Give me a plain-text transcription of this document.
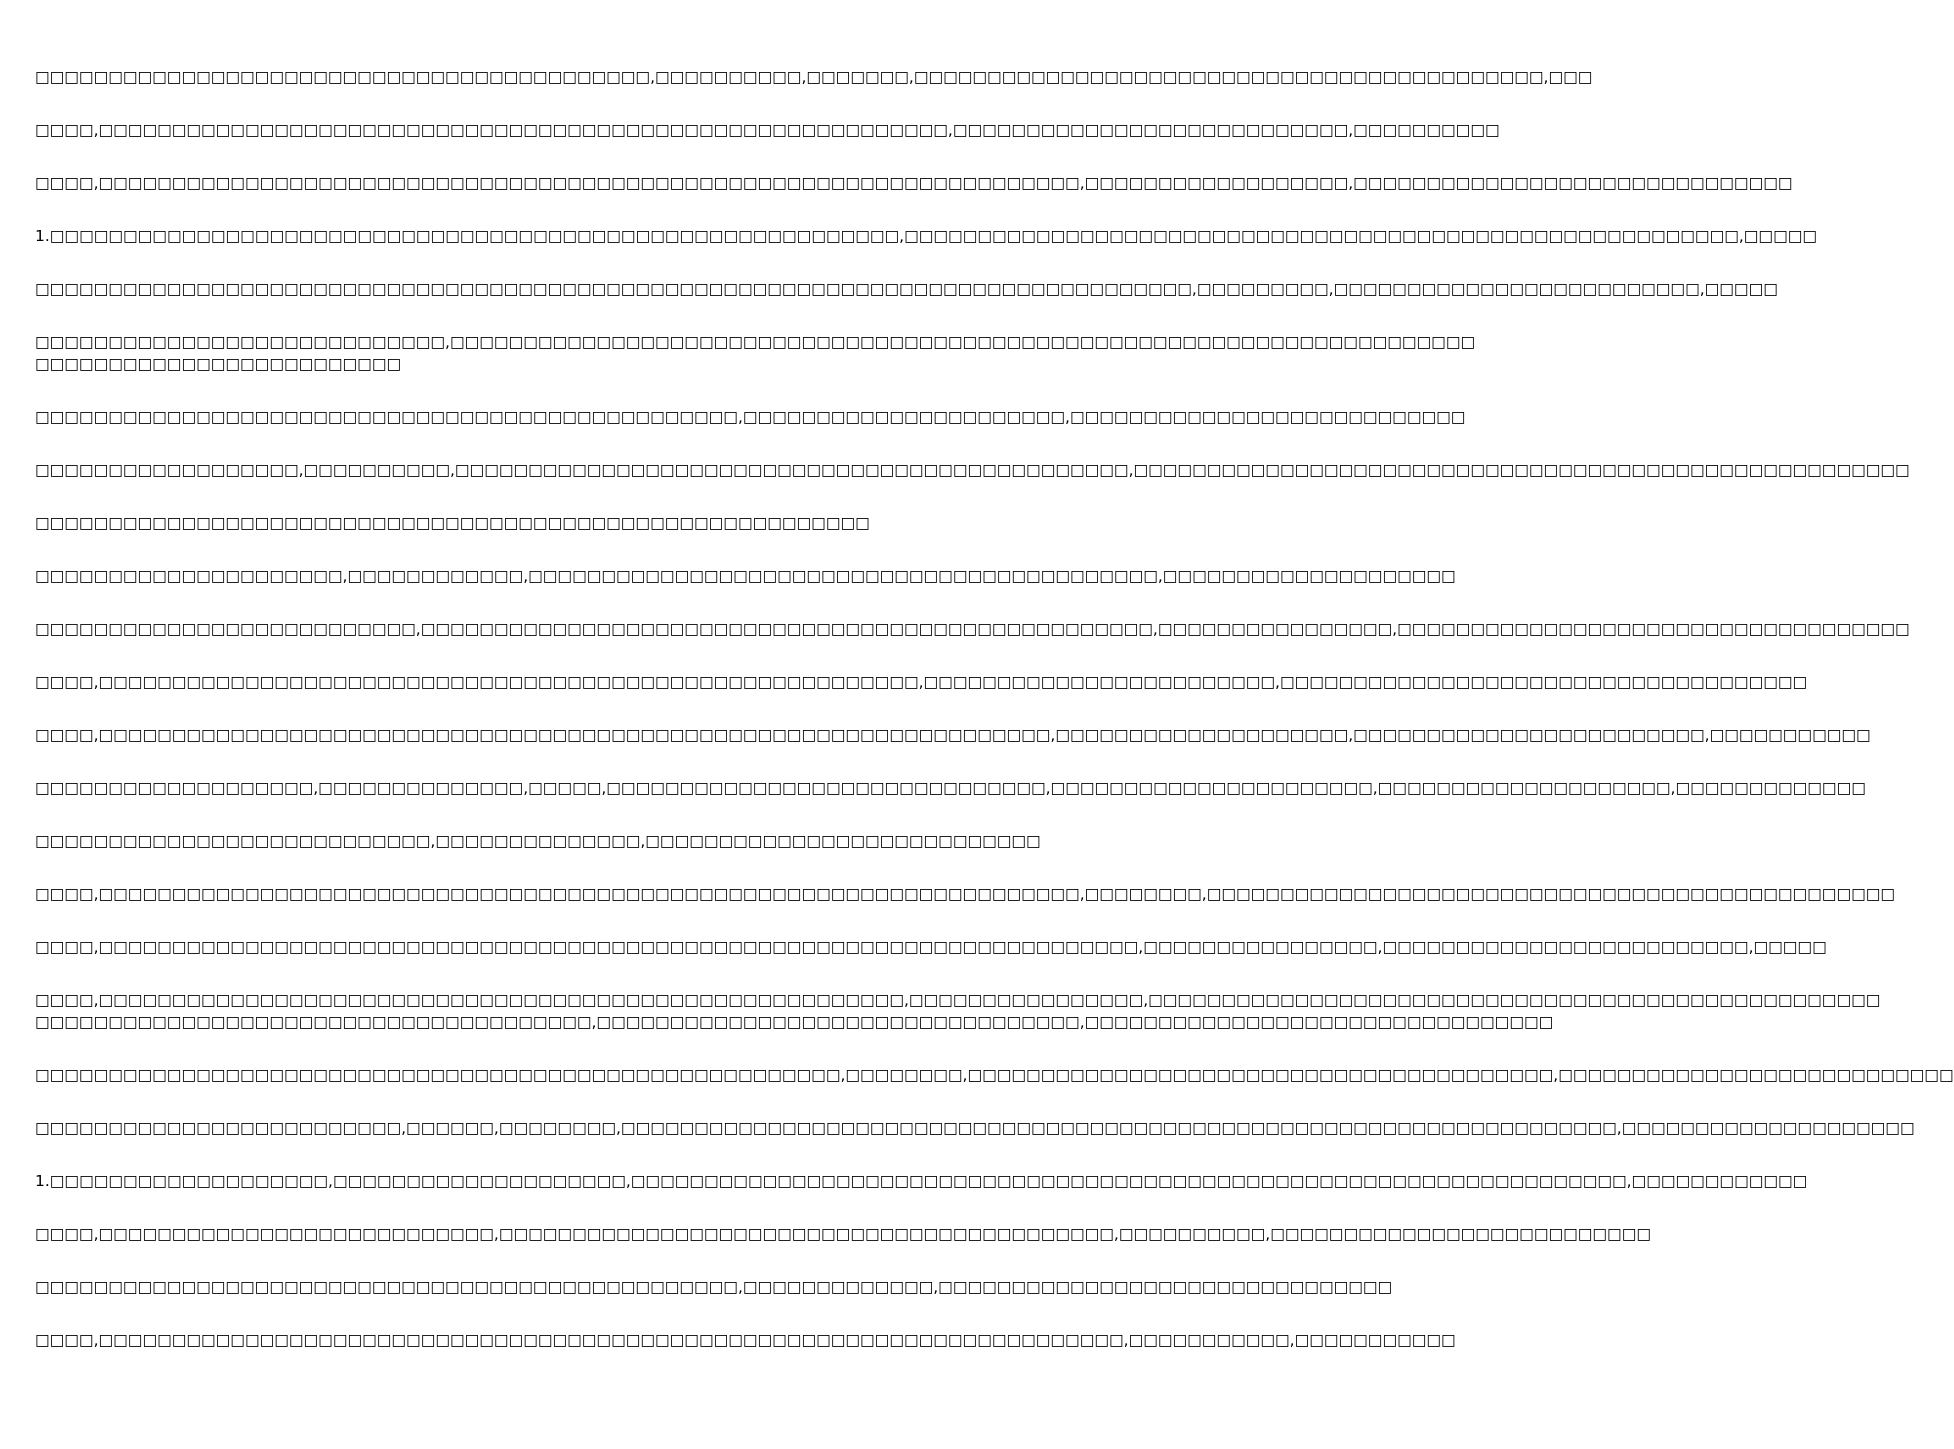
□□□□□□□□□□□□□□□□□□□□□□□□□□□□□□□□□□□□□□□□□□,□□□□□□□□□□,□□□□□□□,□□□□□□□□□□□□□□□□□□□□□□□□□□□□□□□□□□□□□□□□□□□,□□□
□□□□,□□□□□□□□□□□□□□□□□□□□□□□□□□□□□□□□□□□□□□□□□□□□□□□□□□□□□□□□□□,□□□□□□□□□□□□□□□□□□□□□□□□□□□,□□□□□□□□□□
□□□□,□□□□□□□□□□□□□□□□□□□□□□□□□□□□□□□□□□□□□□□□□□□□□□□□□□□□□□□□□□□□□□□□□□□,□□□□□□□□□□□□□□□□□□,□□□□□□□□□□□□□□□□□□□□□□□□□□□□□□
1.□□□□□□□□□□□□□□□□□□□□□□□□□□□□□□□□□□□□□□□□□□□□□□□□□□□□□□□□□□,□□□□□□□□□□□□□□□□□□□□□□□□□□□□□□□□□□□□□□□□□□□□□□□□□□□□□□□□□,□□□□□
□□□□□□□□□□□□□□□□□□□□□□□□□□□□□□□□□□□□□□□□□□□□□□□□□□□□□□□□□□□□□□□□□□□□□□□□□□□□□□□,□□□□□□□□□,□□□□□□□□□□□□□□□□□□□□□□□□□,□□□□□
□□□□□□□□□□□□□□□□□□□□□□□□□□□□,□□□□□□□□□□□□□□□□□□□□□□□□□□□□□□□□□□□□□□□□□□□□□□□□□□□□□□□□□□□□□□□□□□□□□□
□□□□□□□□□□□□□□□□□□□□□□□□□
□□□□□□□□□□□□□□□□□□□□□□□□□□□□□□□□□□□□□□□□□□□□□□□□,□□□□□□□□□□□□□□□□□□□□□□,□□□□□□□□□□□□□□□□□□□□□□□□□□□
□□□□□□□□□□□□□□□□□□,□□□□□□□□□□,□□□□□□□□□□□□□□□□□□□□□□□□□□□□□□□□□□□□□□□□□□□□□□,□□□□□□□□□□□□□□□□□□□□□□□□□□□□□□□□□□□□□□□□□□□□□□□□□□□□□
□□□□□□□□□□□□□□□□□□□□□□□□□□□□□□□□□□□□□□□□□□□□□□□□□□□□□□□□□
□□□□□□□□□□□□□□□□□□□□□,□□□□□□□□□□□□,□□□□□□□□□□□□□□□□□□□□□□□□□□□□□□□□□□□□□□□□□□□,□□□□□□□□□□□□□□□□□□□□
□□□□□□□□□□□□□□□□□□□□□□□□□□,□□□□□□□□□□□□□□□□□□□□□□□□□□□□□□□□□□□□□□□□□□□□□□□□□□,□□□□□□□□□□□□□□□□,□□□□□□□□□□□□□□□□□□□□□□□□□□□□□□□□□□□
□□□□,□□□□□□□□□□□□□□□□□□□□□□□□□□□□□□□□□□□□□□□□□□□□□□□□□□□□□□□□,□□□□□□□□□□□□□□□□□□□□□□□□,□□□□□□□□□□□□□□□□□□□□□□□□□□□□□□□□□□□□
□□□□,□□□□□□□□□□□□□□□□□□□□□□□□□□□□□□□□□□□□□□□□□□□□□□□□□□□□□□□□□□□□□□□□□,□□□□□□□□□□□□□□□□□□□□,□□□□□□□□□□□□□□□□□□□□□□□□,□□□□□□□□□□□
□□□□□□□□□□□□□□□□□□□,□□□□□□□□□□□□□□,□□□□□,□□□□□□□□□□□□□□□□□□□□□□□□□□□□□□,□□□□□□□□□□□□□□□□□□□□□□,□□□□□□□□□□□□□□□□□□□□,□□□□□□□□□□□□□
□□□□□□□□□□□□□□□□□□□□□□□□□□□,□□□□□□□□□□□□□□,□□□□□□□□□□□□□□□□□□□□□□□□□□□
□□□□,□□□□□□□□□□□□□□□□□□□□□□□□□□□□□□□□□□□□□□□□□□□□□□□□□□□□□□□□□□□□□□□□□□□,□□□□□□□□,□□□□□□□□□□□□□□□□□□□□□□□□□□□□□□□□□□□□□□□□□□□□□□□
□□□□,□□□□□□□□□□□□□□□□□□□□□□□□□□□□□□□□□□□□□□□□□□□□□□□□□□□□□□□□□□□□□□□□□□□□□□□,□□□□□□□□□□□□□□□□,□□□□□□□□□□□□□□□□□□□□□□□□□,□□□□□
□□□□,□□□□□□□□□□□□□□□□□□□□□□□□□□□□□□□□□□□□□□□□□□□□□□□□□□□□□□□,□□□□□□□□□□□□□□□□,□□□□□□□□□□□□□□□□□□□□□□□□□□□□□□□□□□□□□□□□□□□□□□□□□□
□□□□□□□□□□□□□□□□□□□□□□□□□□□□□□□□□□□□□□,□□□□□□□□□□□□□□□□□□□□□□□□□□□□□□□□□,□□□□□□□□□□□□□□□□□□□□□□□□□□□□□□□□
□□□□□□□□□□□□□□□□□□□□□□□□□□□□□□□□□□□□□□□□□□□□□□□□□□□□□□□,□□□□□□□□,□□□□□□□□□□□□□□□□□□□□□□□□□□□□□□□□□□□□□□□□,□□□□□□□□□□□□□□□□□□□□□□□□□□□
□□□□□□□□□□□□□□□□□□□□□□□□□,□□□□□□,□□□□□□□□,□□□□□□□□□□□□□□□□□□□□□□□□□□□□□□□□□□□□□□□□□□□□□□□□□□□□□□□□□□□□□□□□□□□□,□□□□□□□□□□□□□□□□□□□□
1.□□□□□□□□□□□□□□□□□□□,□□□□□□□□□□□□□□□□□□□□,□□□□□□□□□□□□□□□□□□□□□□□□□□□□□□□□□□□□□□□□□□□□□□□□□□□□□□□□□□□□□□□□□□□□,□□□□□□□□□□□□
□□□□,□□□□□□□□□□□□□□□□□□□□□□□□□□□,□□□□□□□□□□□□□□□□□□□□□□□□□□□□□□□□□□□□□□□□□□,□□□□□□□□□□,□□□□□□□□□□□□□□□□□□□□□□□□□□
□□□□□□□□□□□□□□□□□□□□□□□□□□□□□□□□□□□□□□□□□□□□□□□□,□□□□□□□□□□□□□,□□□□□□□□□□□□□□□□□□□□□□□□□□□□□□□
□□□□,□□□□□□□□□□□□□□□□□□□□□□□□□□□□□□□□□□□□□□□□□□□□□□□□□□□□□□□□□□□□□□□□□□□□□□,□□□□□□□□□□□,□□□□□□□□□□□
